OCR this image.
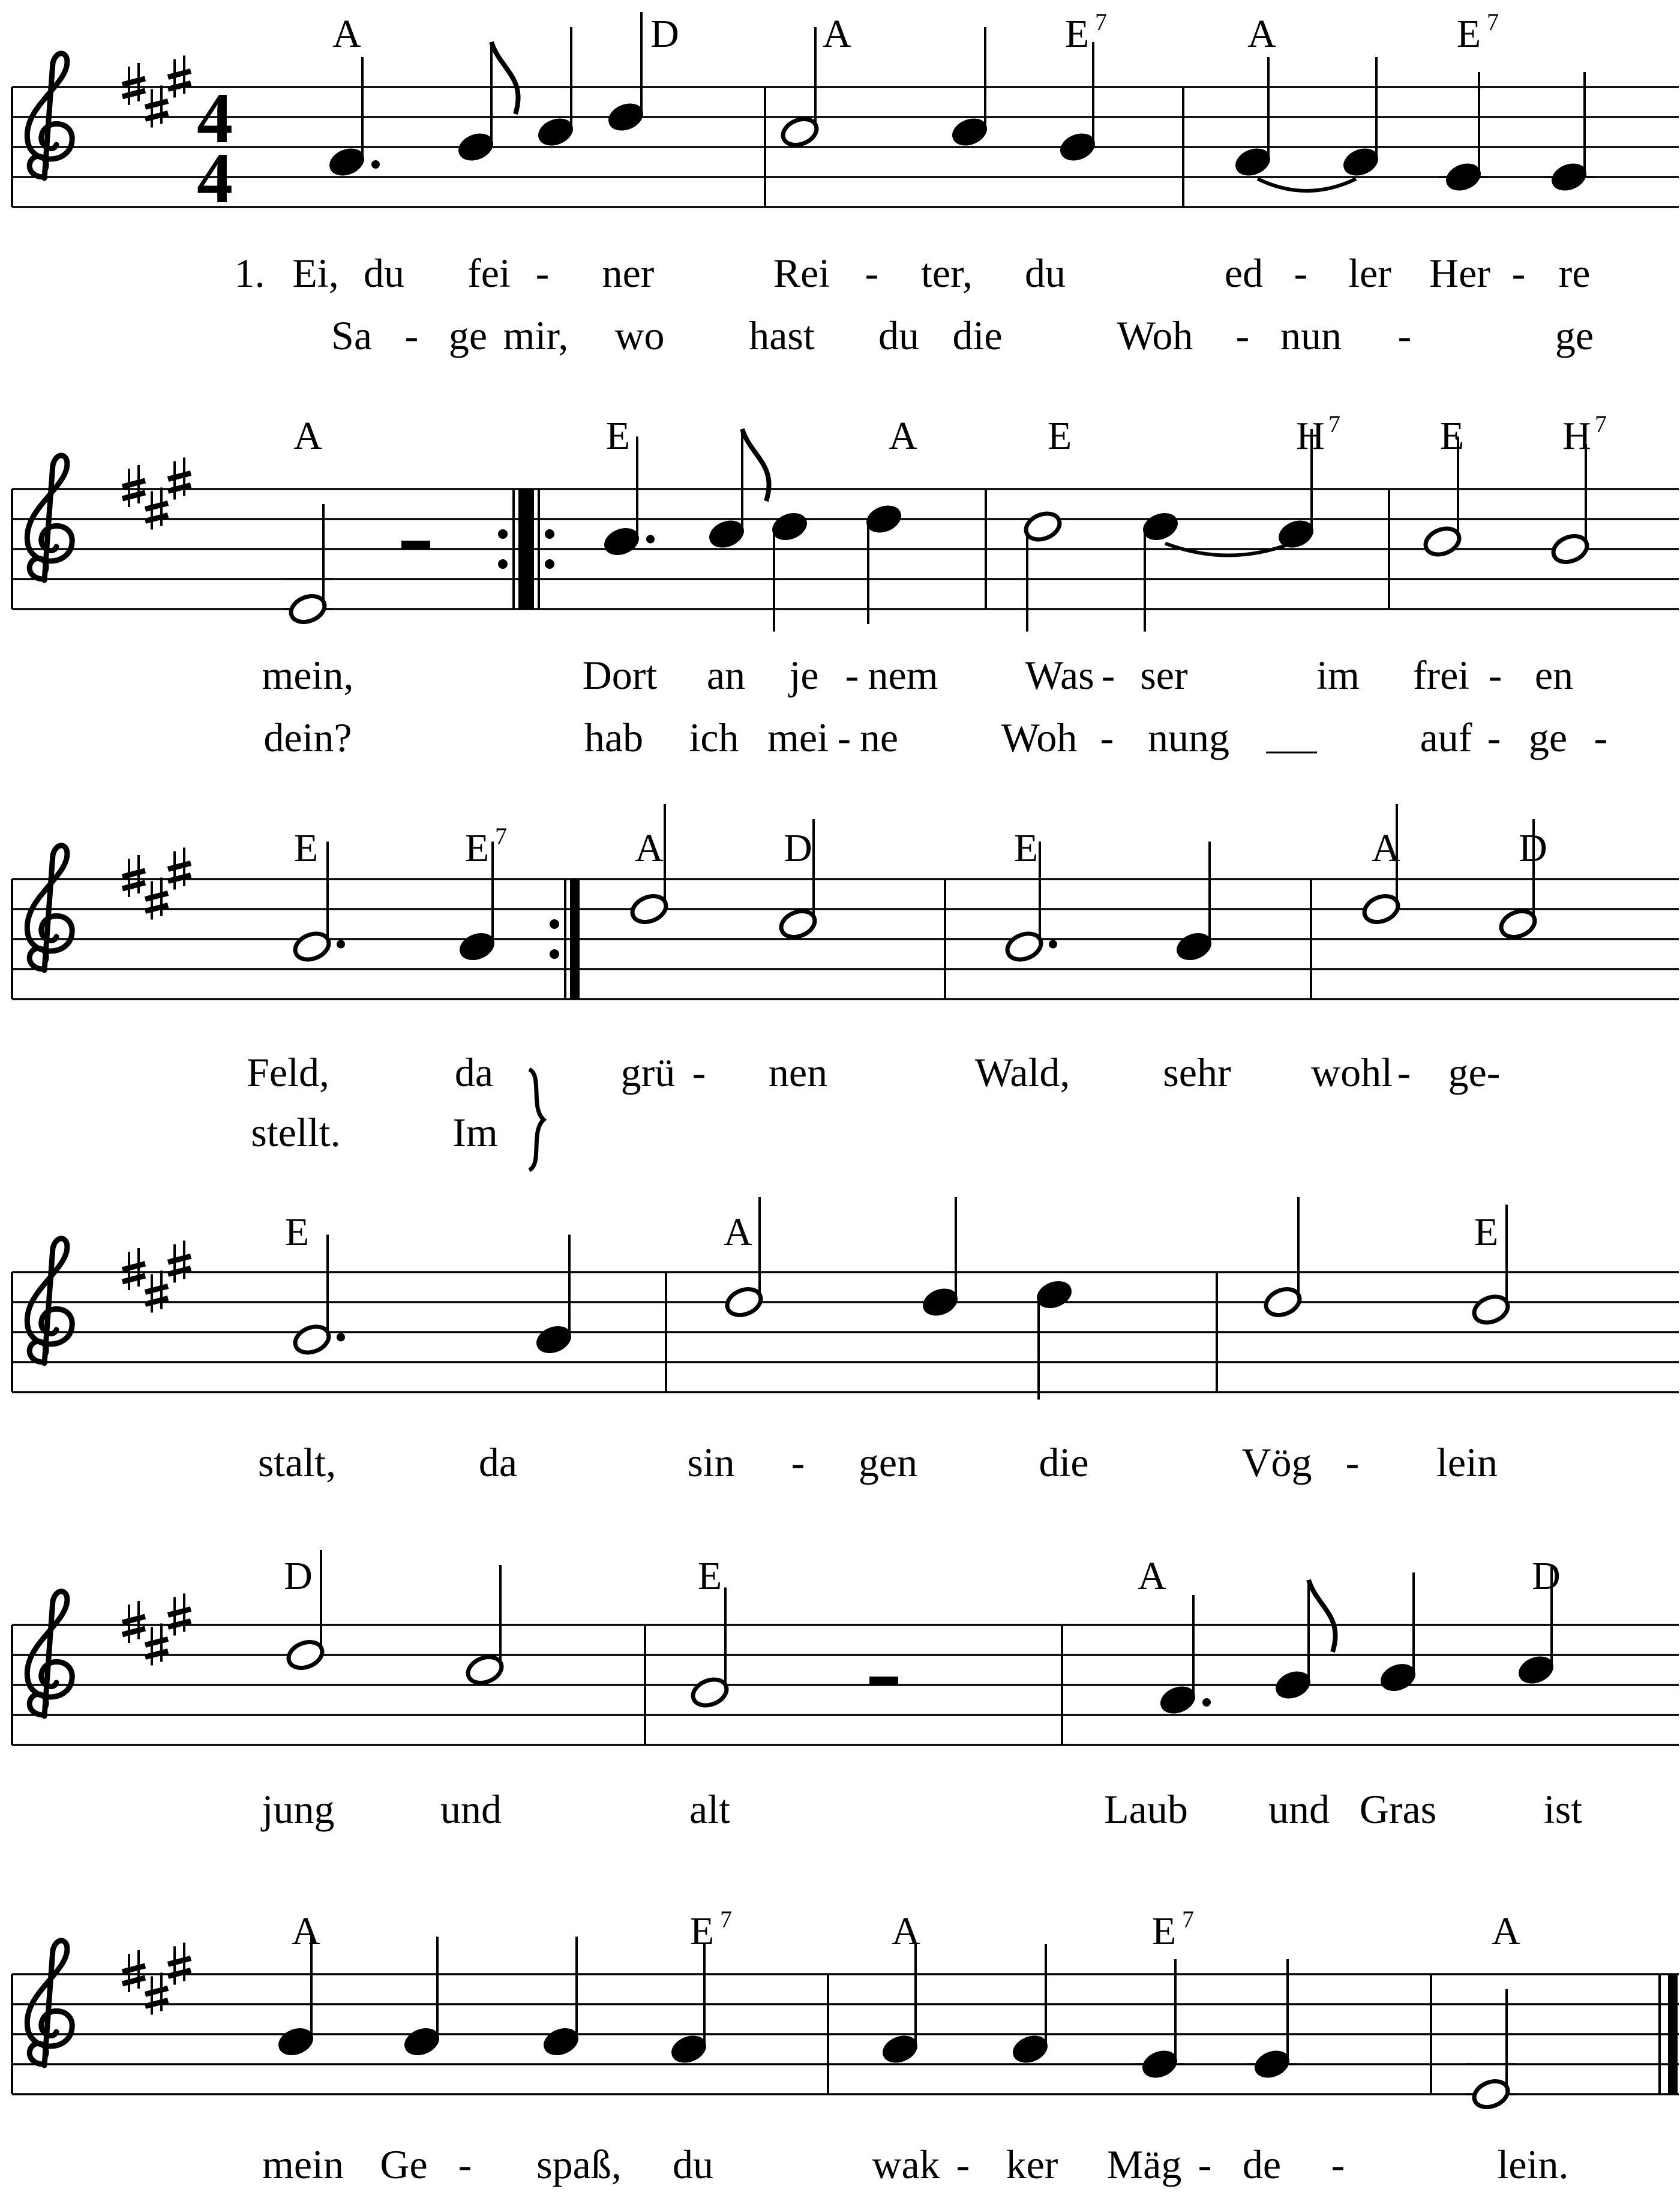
4
4
A	D	A	E 7	A	E 7
1. Ei, du fei - ner	Rei - ter, du	ed - ler Her - re
Sa - ge mir, wo hast du die	Woh - nun -	ge
A	E	A	E	H 7	E H 7
mein,	Dort an je - nem Was - ser	im frei - en
dein?	hab ich mei - ne	Woh - nung	auf - ge -
E	E 7	A	D	E	A	D
Feld,	da	grü - nen	Wald, sehr wohl - ge-
stellt.	Im
E	A	E
stalt,	da	sin - gen	die	Vög - lein
D	E	A	D
jung	und	alt	Laub und Gras	ist
A	E 7	A	E 7	A
mein Ge - spaß, du	wak - ker Mäg - de -	lein.
